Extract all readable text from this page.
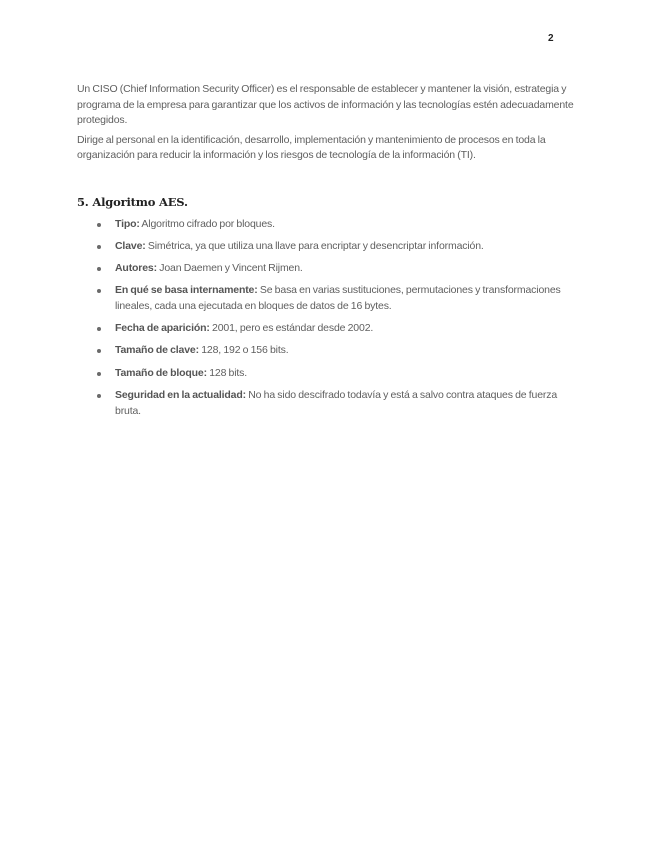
2

Un CISO (Chief Information Security Officer) es el responsable de establecer y mantener la visión, estrategia y programa de la empresa para garantizar que los activos de información y las tecnologías estén adecuadamente protegidos.

Dirige al personal en la identificación, desarrollo, implementación y mantenimiento de procesos en toda la organización para reducir la información y los riesgos de tecnología de la información (TI).

5. Algoritmo AES.
Tipo: Algoritmo cifrado por bloques.
Clave: Simétrica, ya que utiliza una llave para encriptar y desencriptar información.
Autores: Joan Daemen y Vincent Rijmen.
En qué se basa internamente: Se basa en varias sustituciones, permutaciones y transformaciones lineales, cada una ejecutada en bloques de datos de 16 bytes.
Fecha de aparición: 2001, pero es estándar desde 2002.
Tamaño de clave: 128, 192 o 156 bits.
Tamaño de bloque: 128 bits.
Seguridad en la actualidad: No ha sido descifrado todavía y está a salvo contra ataques de fuerza bruta.
